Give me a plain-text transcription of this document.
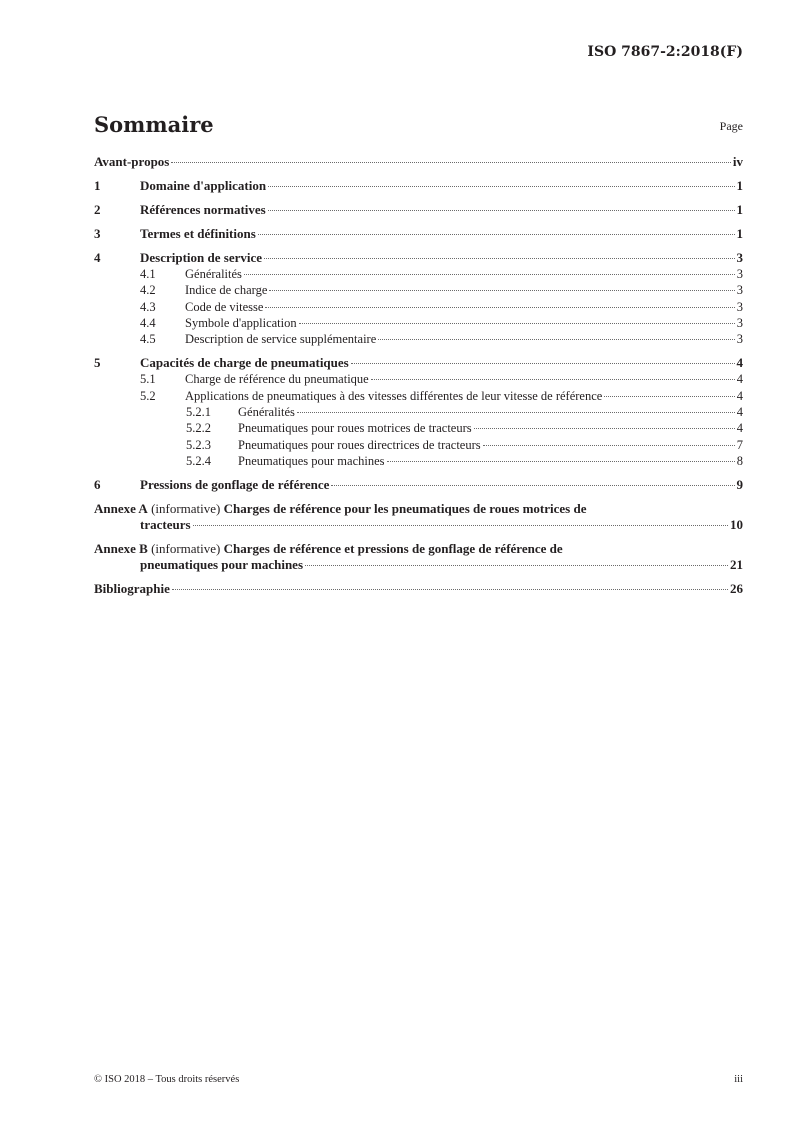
ISO 7867-2:2018(F)
Sommaire	Page
Avant-propos	iv
1	Domaine d'application	1
2	Références normatives	1
3	Termes et définitions	1
4	Description de service	3
4.1	Généralités	3
4.2	Indice de charge	3
4.3	Code de vitesse	3
4.4	Symbole d'application	3
4.5	Description de service supplémentaire	3
5	Capacités de charge de pneumatiques	4
5.1	Charge de référence du pneumatique	4
5.2	Applications de pneumatiques à des vitesses différentes de leur vitesse de référence	4
5.2.1	Généralités	4
5.2.2	Pneumatiques pour roues motrices de tracteurs	4
5.2.3	Pneumatiques pour roues directrices de tracteurs	7
5.2.4	Pneumatiques pour machines	8
6	Pressions de gonflage de référence	9
Annexe A (informative) Charges de référence pour les pneumatiques de roues motrices de
tracteurs	10
Annexe B (informative) Charges de référence et pressions de gonflage de référence de
pneumatiques pour machines	21
Bibliographie	26
© ISO 2018 – Tous droits réservés	iii
